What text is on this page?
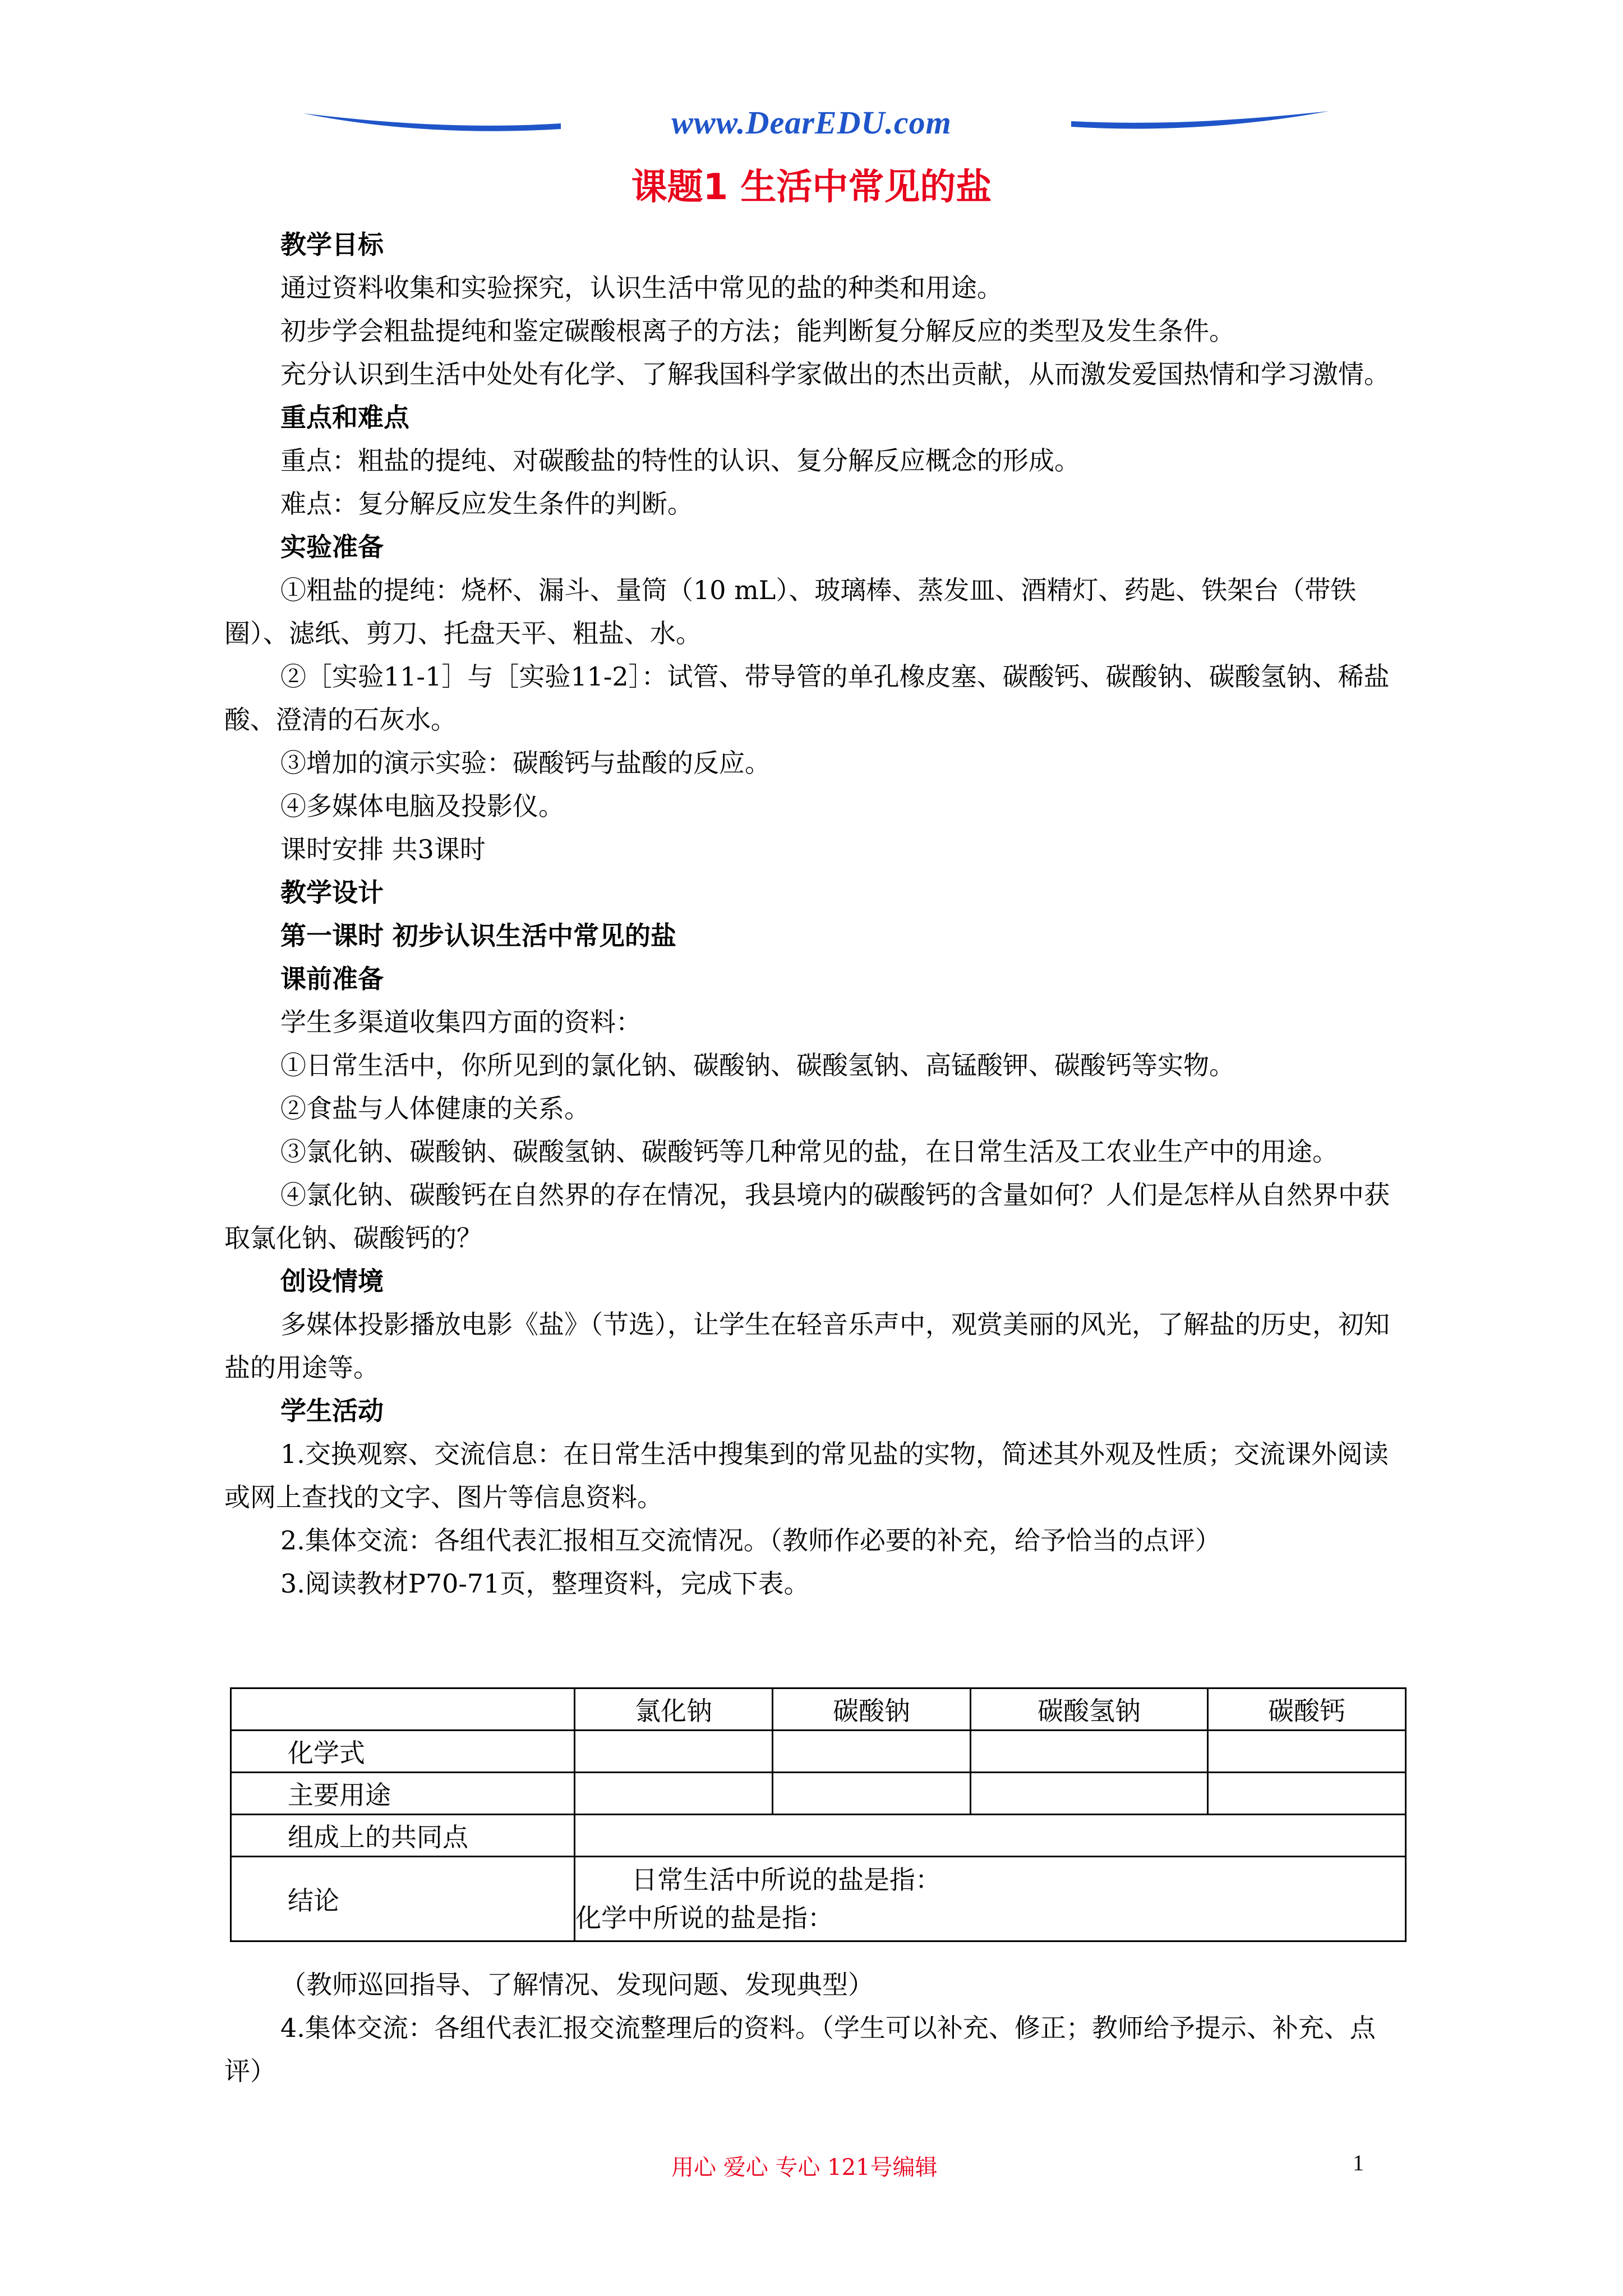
www.DearEDU.com
课题1 生活中常见的盐

教学目标

通过资料收集和实验探究，认识生活中常见的盐的种类和用途。

初步学会粗盐提纯和鉴定碳酸根离子的方法；能判断复分解反应的类型及发生条件。

充分认识到生活中处处有化学、了解我国科学家做出的杰出贡献，从而激发爱国热情和学习激情。

重点和难点

重点：粗盐的提纯、对碳酸盐的特性的认识、复分解反应概念的形成。

难点：复分解反应发生条件的判断。

实验准备

①粗盐的提纯：烧杯、漏斗、量筒（10 mL）、玻璃棒、蒸发皿、酒精灯、药匙、铁架台（带铁圈）、滤纸、剪刀、托盘天平、粗盐、水。

②［实验11-1］与［实验11-2］：试管、带导管的单孔橡皮塞、碳酸钙、碳酸钠、碳酸氢钠、稀盐酸、澄清的石灰水。

③增加的演示实验：碳酸钙与盐酸的反应。

④多媒体电脑及投影仪。

课时安排 共3课时

教学设计

第一课时 初步认识生活中常见的盐

课前准备

学生多渠道收集四方面的资料：

①日常生活中，你所见到的氯化钠、碳酸钠、碳酸氢钠、高锰酸钾、碳酸钙等实物。

②食盐与人体健康的关系。

③氯化钠、碳酸钠、碳酸氢钠、碳酸钙等几种常见的盐，在日常生活及工农业生产中的用途。

④氯化钠、碳酸钙在自然界的存在情况，我县境内的碳酸钙的含量如何？人们是怎样从自然界中获取氯化钠、碳酸钙的？

创设情境

多媒体投影播放电影《盐》（节选），让学生在轻音乐声中，观赏美丽的风光，了解盐的历史，初知盐的用途等。

学生活动

1.交换观察、交流信息：在日常生活中搜集到的常见盐的实物，简述其外观及性质；交流课外阅读或网上查找的文字、图片等信息资料。

2.集体交流：各组代表汇报相互交流情况。（教师作必要的补充，给予恰当的点评）

3.阅读教材P70-71页，整理资料，完成下表。

	氯化钠	碳酸钠	碳酸氢钠	碳酸钙
化学式				
主要用途				
组成上的共同点				
结论	日常生活中所说的盐是指：
化学中所说的盐是指：			

（教师巡回指导、了解情况、发现问题、发现典型）

4.集体交流：各组代表汇报交流整理后的资料。（学生可以补充、修正；教师给予提示、补充、点评）

用心 爱心 专心 121号编辑	1
